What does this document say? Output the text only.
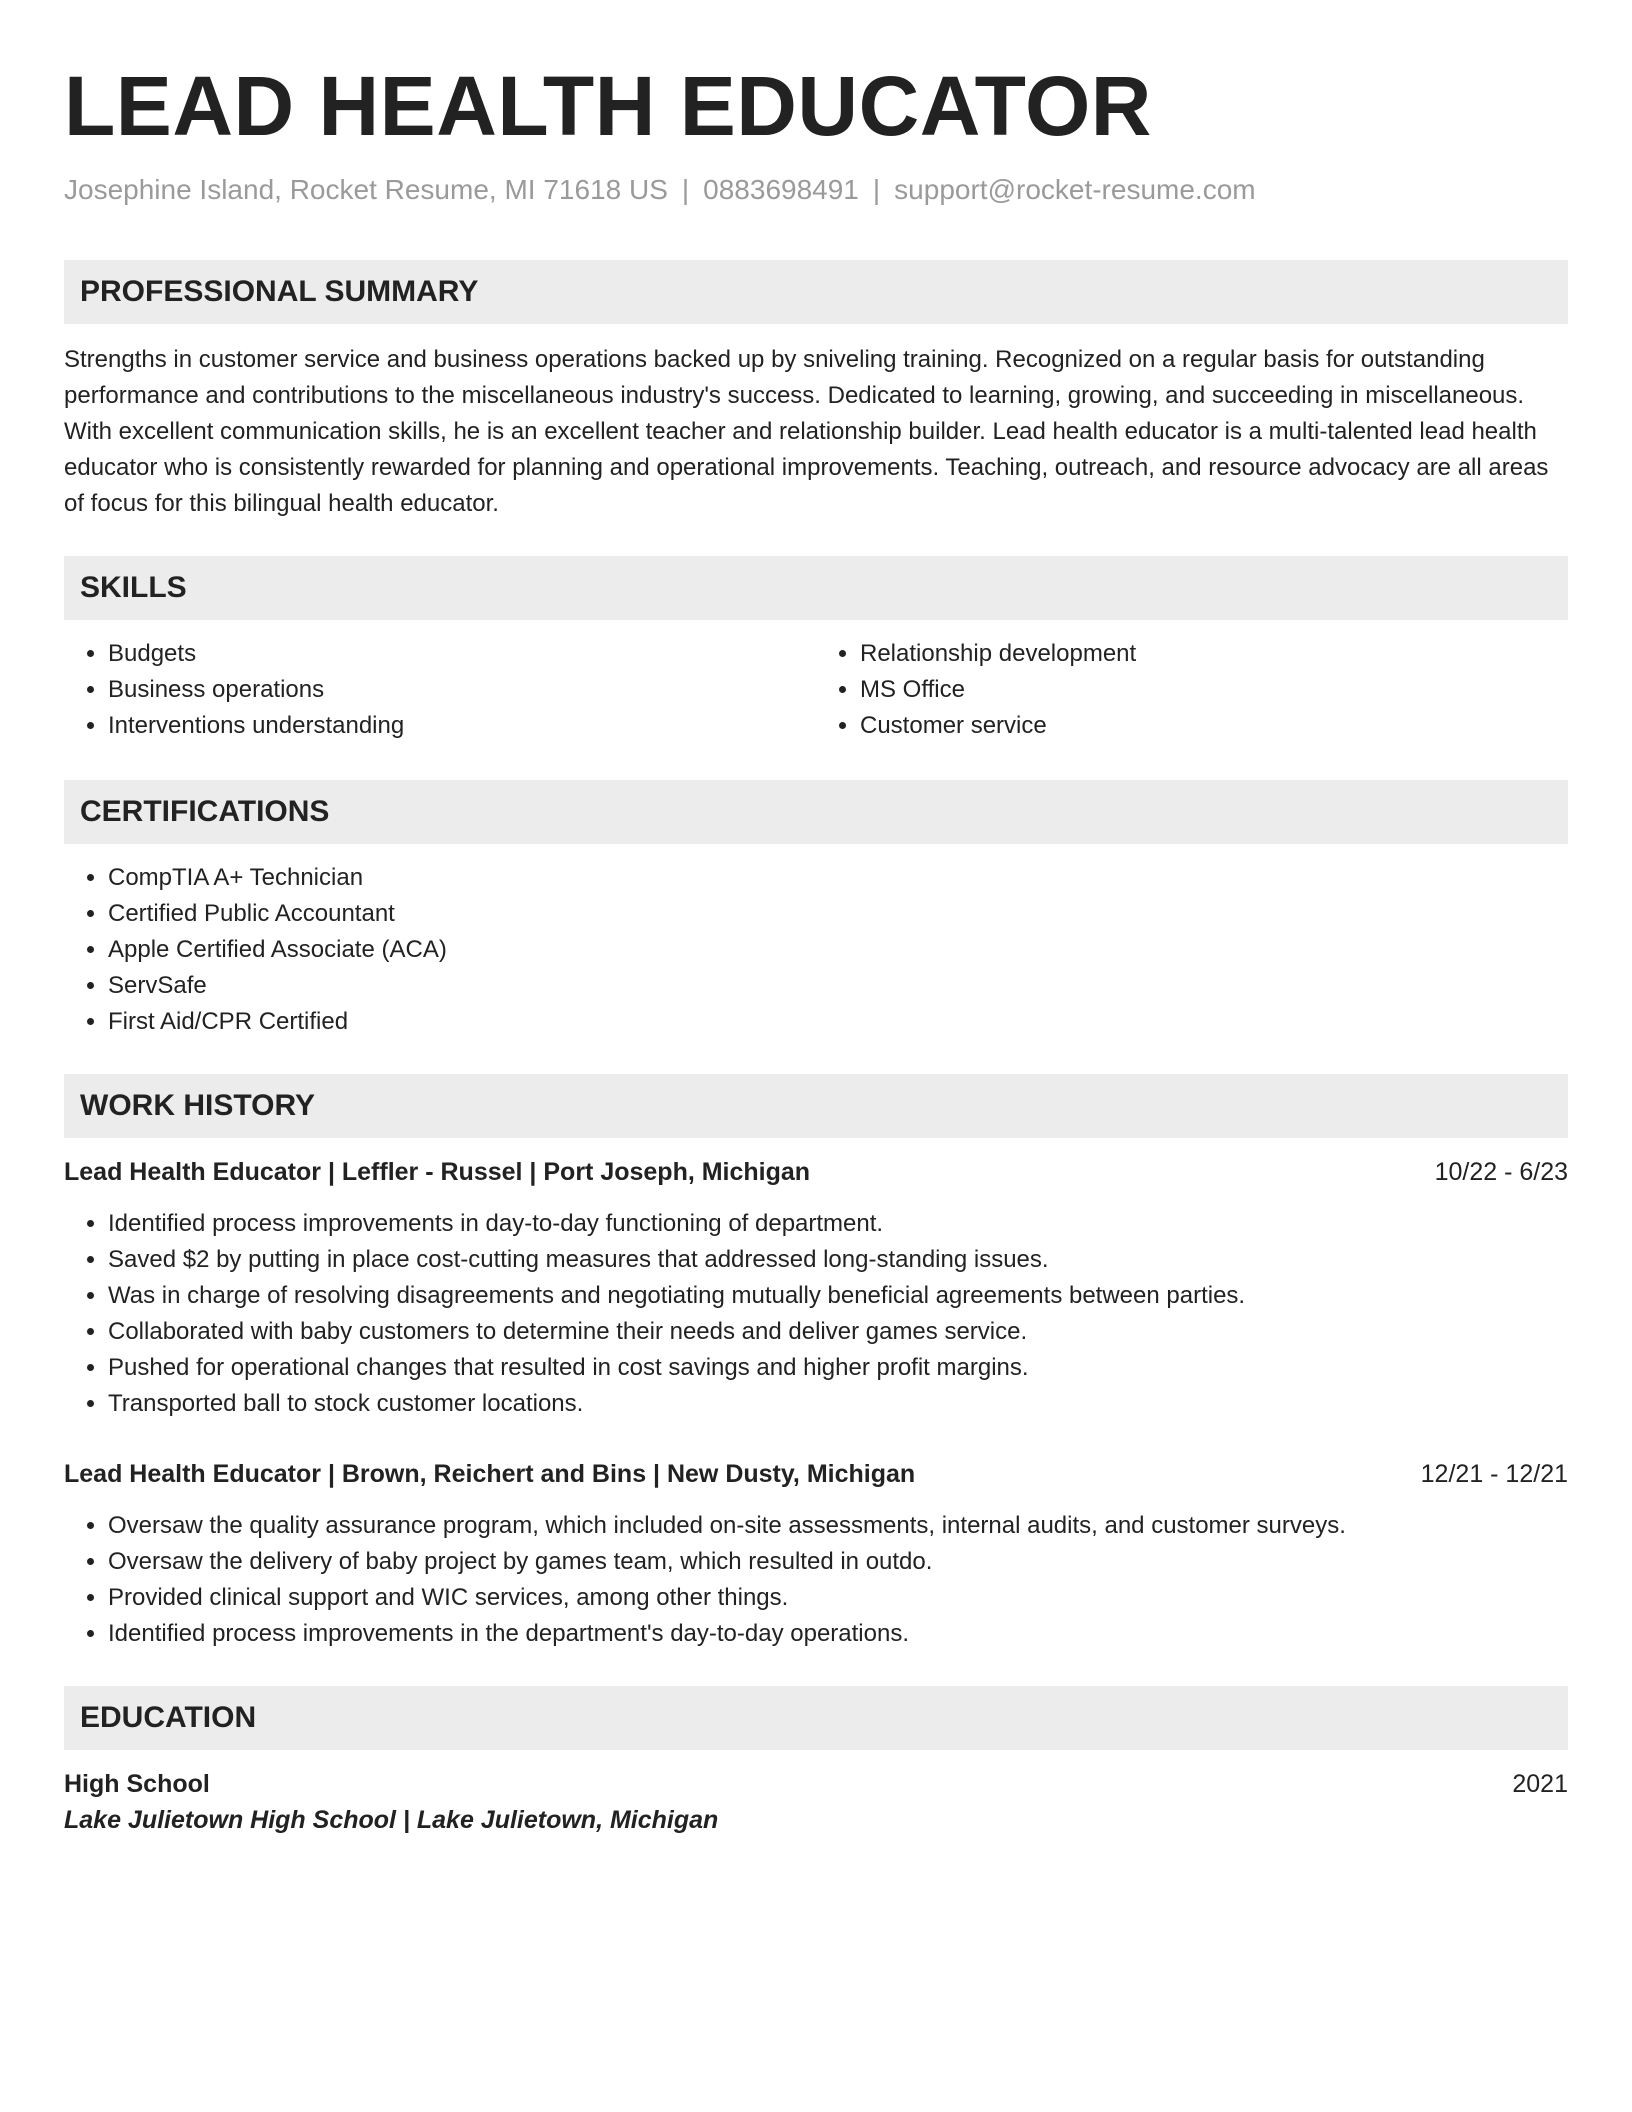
LEAD HEALTH EDUCATOR
Josephine Island, Rocket Resume, MI 71618 US | 0883698491 | support@rocket-resume.com
PROFESSIONAL SUMMARY

Strengths in customer service and business operations backed up by sniveling training. Recognized on a regular basis for outstanding performance and contributions to the miscellaneous industry's success. Dedicated to learning, growing, and succeeding in miscellaneous. With excellent communication skills, he is an excellent teacher and relationship builder. Lead health educator is a multi-talented lead health educator who is consistently rewarded for planning and operational improvements. Teaching, outreach, and resource advocacy are all areas of focus for this bilingual health educator.

SKILLS
• Budgets
• Business operations
• Interventions understanding
• Relationship development
• MS Office
• Customer service
CERTIFICATIONS
• CompTIA A+ Technician
• Certified Public Accountant
• Apple Certified Associate (ACA)
• ServSafe
• First Aid/CPR Certified
WORK HISTORY
Lead Health Educator | Leffler - Russel | Port Joseph, Michigan	10/22 - 6/23
• Identified process improvements in day-to-day functioning of department.
• Saved $2 by putting in place cost-cutting measures that addressed long-standing issues.
• Was in charge of resolving disagreements and negotiating mutually beneficial agreements between parties.
• Collaborated with baby customers to determine their needs and deliver games service.
• Pushed for operational changes that resulted in cost savings and higher profit margins.
• Transported ball to stock customer locations.
Lead Health Educator | Brown, Reichert and Bins | New Dusty, Michigan	12/21 - 12/21
• Oversaw the quality assurance program, which included on-site assessments, internal audits, and customer surveys.
• Oversaw the delivery of baby project by games team, which resulted in outdo.
• Provided clinical support and WIC services, among other things.
• Identified process improvements in the department's day-to-day operations.
EDUCATION
High School	2021
Lake Julietown High School | Lake Julietown, Michigan
